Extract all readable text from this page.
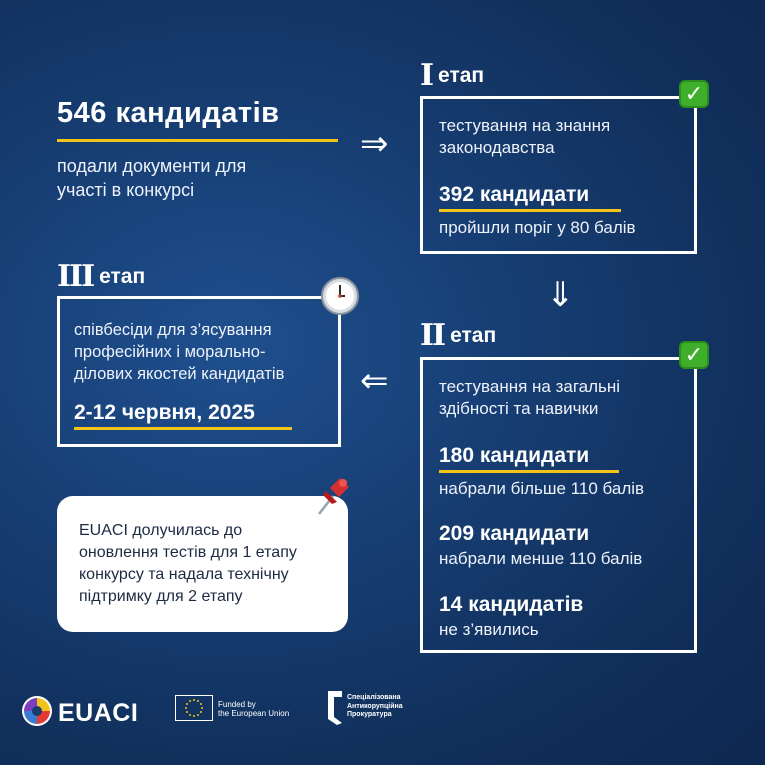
546 кандидатів
подали документи для
участі в конкурсі
⇒
I етап
тестування на знання
законодавства
392 кандидати
пройшли поріг у 80 балів
✓
⇓
III етап
співбесіди для з’ясування
професійних і морально-
ділових якостей кандидатів
2-12 червня, 2025
⇐
II етап
тестування на загальні
здібності та навички
180 кандидати
набрали більше 110 балів
209 кандидати
набрали менше 110 балів
14 кандидатів
не з’явились
✓
EUACI долучилась до
оновлення тестів для 1 етапу
конкурсу та надала технічну
підтримку для 2 етапу
EUACI	Funded by
the European Union
Спеціалізована
Антикорупційна
Прокуратура
